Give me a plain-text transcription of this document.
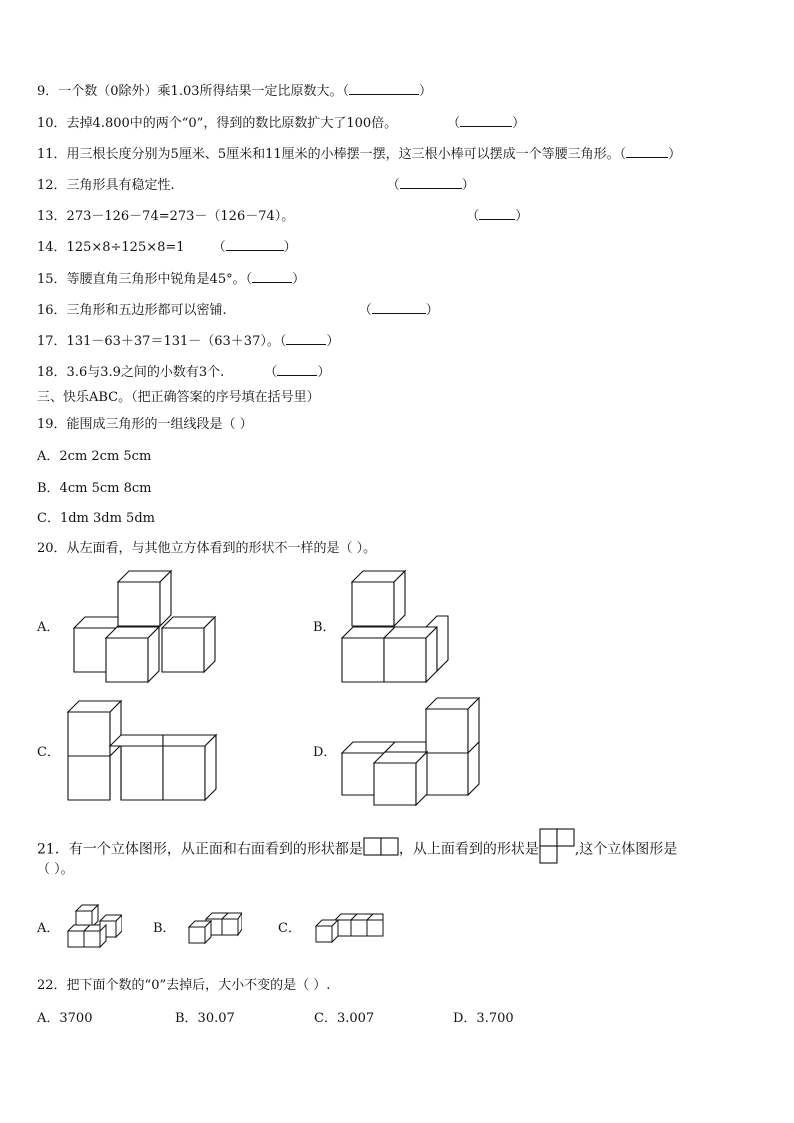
9．一个数（0除外）乘1.03所得结果一定比原数大。（	）
10．去掉4.800中的两个“0”，得到的数比原数扩大了100倍。	（	）
11．用三根长度分别为5厘米、5厘米和11厘米的小棒摆一摆，这三根小棒可以摆成一个等腰三角形。（	）
12．三角形具有稳定性.	（	）
13．273－126－74=273－（126－74）。	（	）
14．125×8÷125×8=1 （	）
15．等腰直角三角形中锐角是45°。（	）
16．三角形和五边形都可以密铺.	（	）
17．131－63＋37＝131－（63＋37）。（	）
18．3.6与3.9之间的小数有3个.	（	）
三、快乐ABC。（把正确答案的序号填在括号里）
19．能围成三角形的一组线段是（ ）
A．2cm 2cm 5cm
B．4cm 5cm 8cm
C．1dm 3dm 5dm
20．从左面看，与其他立方体看到的形状不一样的是（ ）。
A．	B．
C．	D．
21．有一个立体图形，从正面和右面看到的形状都是	，从上面看到的形状是	,这个立体图形是
（ ）。
A．	B．	C．
22．把下面个数的“0”去掉后，大小不变的是（ ）.
A．3700	B．30.07	C．3.007	D．3.700
